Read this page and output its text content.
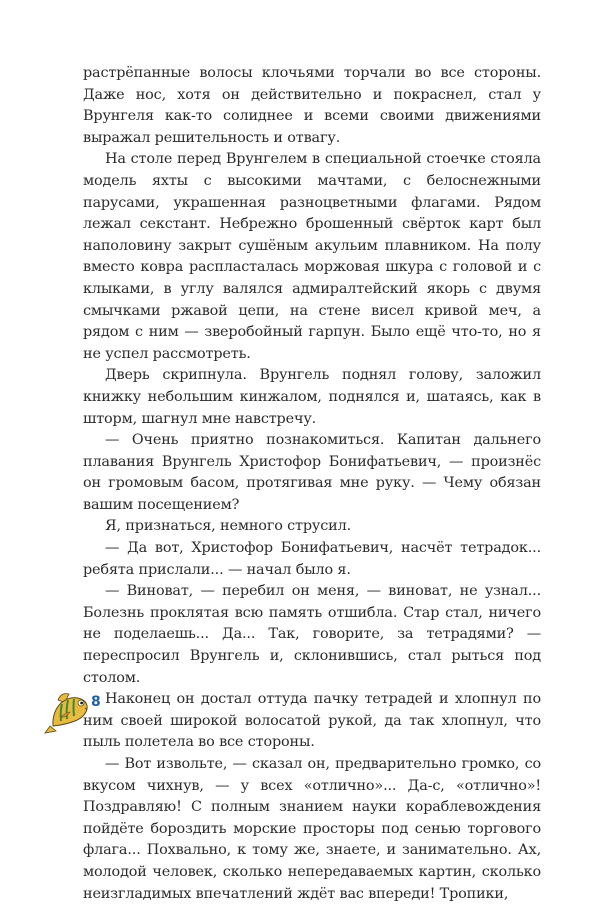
растрёпанные волосы клочьями торчали во все стороны. Даже нос, хотя он действительно и покраснел, стал у Врунгеля как-то солиднее и всеми своими движениями выражал решительность и отвагу.

На столе перед Врунгелем в специальной стоечке стояла модель яхты с высокими мачтами, с белоснежными парусами, украшенная разноцветными флагами. Рядом лежал секстант. Небрежно брошенный свёрток карт был наполовину закрыт сушёным акульим плавником. На полу вместо ковра распласталась моржовая шкура с головой и с клыками, в углу валялся адмиралтейский якорь с двумя смычками ржавой цепи, на стене висел кривой меч, а рядом с ним — зверобойный гарпун. Было ещё что-то, но я не успел рассмотреть.

Дверь скрипнула. Врунгель поднял голову, заложил книжку небольшим кинжалом, поднялся и, шатаясь, как в шторм, шагнул мне навстречу.

— Очень приятно познакомиться. Капитан дальнего плавания Врунгель Христофор Бонифатьевич, — произнёс он громовым басом, протягивая мне руку. — Чему обязан вашим посещением?

Я, признаться, немного струсил.

— Да вот, Христофор Бонифатьевич, насчёт тетрадок... ребята прислали... — начал было я.

— Виноват, — перебил он меня, — виноват, не узнал... Болезнь проклятая всю память отшибла. Стар стал, ничего не поделаешь... Да... Так, говорите, за тетрадями? — переспросил Врунгель и, склонившись, стал рыться под столом.

Наконец он достал оттуда пачку тетрадей и хлопнул по ним своей широкой волосатой рукой, да так хлопнул, что пыль полетела во все стороны.

— Вот извольте, — сказал он, предварительно громко, со вкусом чихнув, — у всех «отлично»... Да-с, «отлично»! Поздравляю! С полным знанием науки кораблевождения пойдёте бороздить морские просторы под сенью торгового флага... Похвально, к тому же, знаете, и занимательно. Ах, молодой человек, сколько непередаваемых картин, сколько неизгладимых впечатлений ждёт вас впереди! Тропики,

8
